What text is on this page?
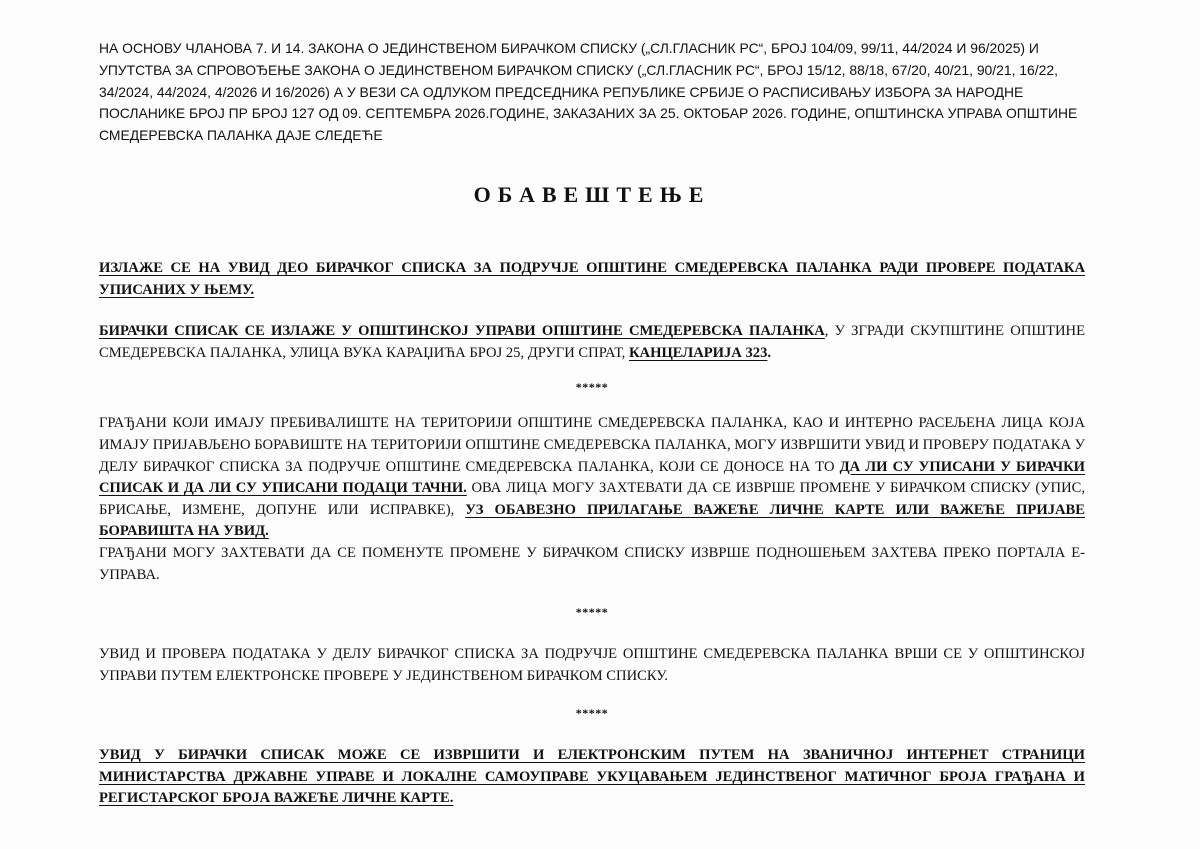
НА ОСНОВУ ЧЛАНОВА 7. И 14. ЗАКОНА О ЈЕДИНСТВЕНОМ БИРАЧКОМ СПИСКУ („СЛ.ГЛАСНИК РС“, БРОЈ 104/09, 99/11, 44/2024 И 96/2025) И УПУТСТВА ЗА СПРОВОЂЕЊЕ ЗАКОНА О ЈЕДИНСТВЕНОМ БИРАЧКОМ СПИСКУ („СЛ.ГЛАСНИК РС“, БРОЈ 15/12, 88/18, 67/20, 40/21, 90/21, 16/22, 34/2024, 44/2024, 4/2026 И 16/2026) А У ВЕЗИ СА ОДЛУКОМ ПРЕДСЕДНИКА РЕПУБЛИКЕ СРБИЈЕ О РАСПИСИВАЊУ ИЗБОРА ЗА НАРОДНЕ ПОСЛАНИКЕ БРОЈ ПР БРОЈ 127 ОД 09. СЕПТЕМБРА 2026.ГОДИНЕ, ЗАКАЗАНИХ ЗА 25. ОКТОБАР 2026. ГОДИНЕ, ОПШТИНСКА УПРАВА ОПШТИНЕ СМЕДЕРЕВСКА ПАЛАНКА ДАЈЕ СЛЕДЕЋЕ

ОБАВЕШТЕЊЕ

ИЗЛАЖЕ СЕ НА УВИД ДЕО БИРАЧКОГ СПИСКА ЗА ПОДРУЧЈЕ ОПШТИНЕ СМЕДЕРЕВСКА ПАЛАНКА РАДИ ПРОВЕРЕ ПОДАТАКА УПИСАНИХ У ЊЕМУ.

БИРАЧКИ СПИСАК СЕ ИЗЛАЖЕ У ОПШТИНСКОЈ УПРАВИ ОПШТИНЕ СМЕДЕРЕВСКА ПАЛАНКА, У ЗГРАДИ СКУПШТИНЕ ОПШТИНЕ СМЕДЕРЕВСКА ПАЛАНКА, УЛИЦА ВУКА КАРАЏИЋА БРОЈ 25, ДРУГИ СПРАТ, КАНЦЕЛАРИЈА 323.

*****

ГРАЂАНИ КОЈИ ИМАЈУ ПРЕБИВАЛИШТЕ НА ТЕРИТОРИЈИ ОПШТИНЕ СМЕДЕРЕВСКА ПАЛАНКА, КАО И ИНТЕРНО РАСЕЉЕНА ЛИЦА КОЈА ИМАЈУ ПРИЈАВЉЕНО БОРАВИШТЕ НА ТЕРИТОРИЈИ ОПШТИНЕ СМЕДЕРЕВСКА ПАЛАНКА, МОГУ ИЗВРШИТИ УВИД И ПРОВЕРУ ПОДАТАКА У ДЕЛУ БИРАЧКОГ СПИСКА ЗА ПОДРУЧЈЕ ОПШТИНЕ СМЕДЕРЕВСКА ПАЛАНКА, КОЈИ СЕ ДОНОСЕ НА ТО ДА ЛИ СУ УПИСАНИ У БИРАЧКИ СПИСАК И ДА ЛИ СУ УПИСАНИ ПОДАЦИ ТАЧНИ. ОВА ЛИЦА МОГУ ЗАХТЕВАТИ ДА СЕ ИЗВРШЕ ПРОМЕНЕ У БИРАЧКОМ СПИСКУ (УПИС, БРИСАЊЕ, ИЗМЕНЕ, ДОПУНЕ ИЛИ ИСПРАВКЕ), УЗ ОБАВЕЗНО ПРИЛАГАЊЕ ВАЖЕЋЕ ЛИЧНЕ КАРТЕ ИЛИ ВАЖЕЋЕ ПРИЈАВЕ БОРАВИШТА НА УВИД.

ГРАЂАНИ МОГУ ЗАХТЕВАТИ ДА СЕ ПОМЕНУТЕ ПРОМЕНЕ У БИРАЧКОМ СПИСКУ ИЗВРШЕ ПОДНОШЕЊЕМ ЗАХТЕВА ПРЕКО ПОРТАЛА Е-УПРАВА.

*****

УВИД И ПРОВЕРА ПОДАТАКА У ДЕЛУ БИРАЧКОГ СПИСКА ЗА ПОДРУЧЈЕ ОПШТИНЕ СМЕДЕРЕВСКА ПАЛАНКА ВРШИ СЕ У ОПШТИНСКОЈ УПРАВИ ПУТЕМ ЕЛЕКТРОНСКЕ ПРОВЕРЕ У ЈЕДИНСТВЕНОМ БИРАЧКОМ СПИСКУ.

*****

УВИД У БИРАЧКИ СПИСАК МОЖЕ СЕ ИЗВРШИТИ И ЕЛЕКТРОНСКИМ ПУТЕМ НА ЗВАНИЧНОЈ ИНТЕРНЕТ СТРАНИЦИ МИНИСТАРСТВА ДРЖАВНЕ УПРАВЕ И ЛОКАЛНЕ САМОУПРАВЕ УКУЦАВАЊЕМ ЈЕДИНСТВЕНОГ МАТИЧНОГ БРОЈА ГРАЂАНА И РЕГИСТАРСКОГ БРОЈА ВАЖЕЋЕ ЛИЧНЕ КАРТЕ.
